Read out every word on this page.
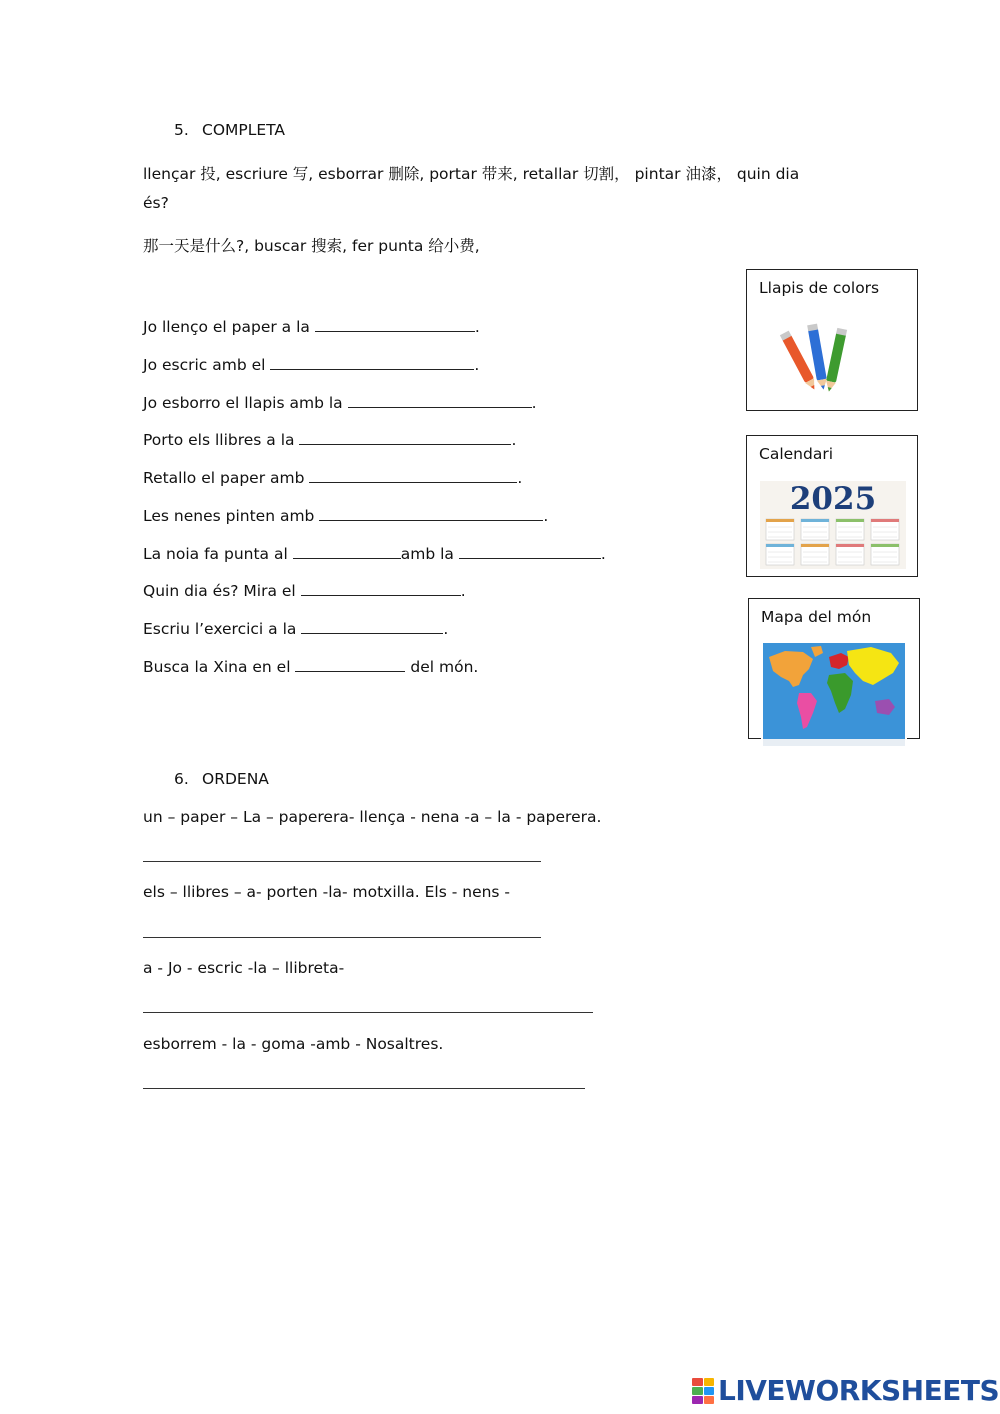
5. COMPLETA
llençar 投, escriure 写, esborrar 删除, portar 带来, retallar 切割， pintar 油漆， quin dia
és?
那一天是什么?, buscar 搜索, fer punta 给小费,
Jo llenço el paper a la	.
Jo escric amb el	.
Jo esborro el llapis amb la	.
Porto els llibres a la	.
Retallo el paper amb	.
Les nenes pinten amb	.
La noia fa punta al	amb la	.
Quin dia és? Mira el	.
Escriu l’exercici a la	.
Busca la Xina en el	del món.
Llapis de colors
Calendari
2025
Mapa del món
6. ORDENA
un – paper – La – paperera- llença - nena -a – la - paperera.
els – llibres – a- porten -la- motxilla. Els - nens -
a - Jo - escric -la – llibreta-
esborrem - la - goma -amb - Nosaltres.
LIVEWORKSHEETS
